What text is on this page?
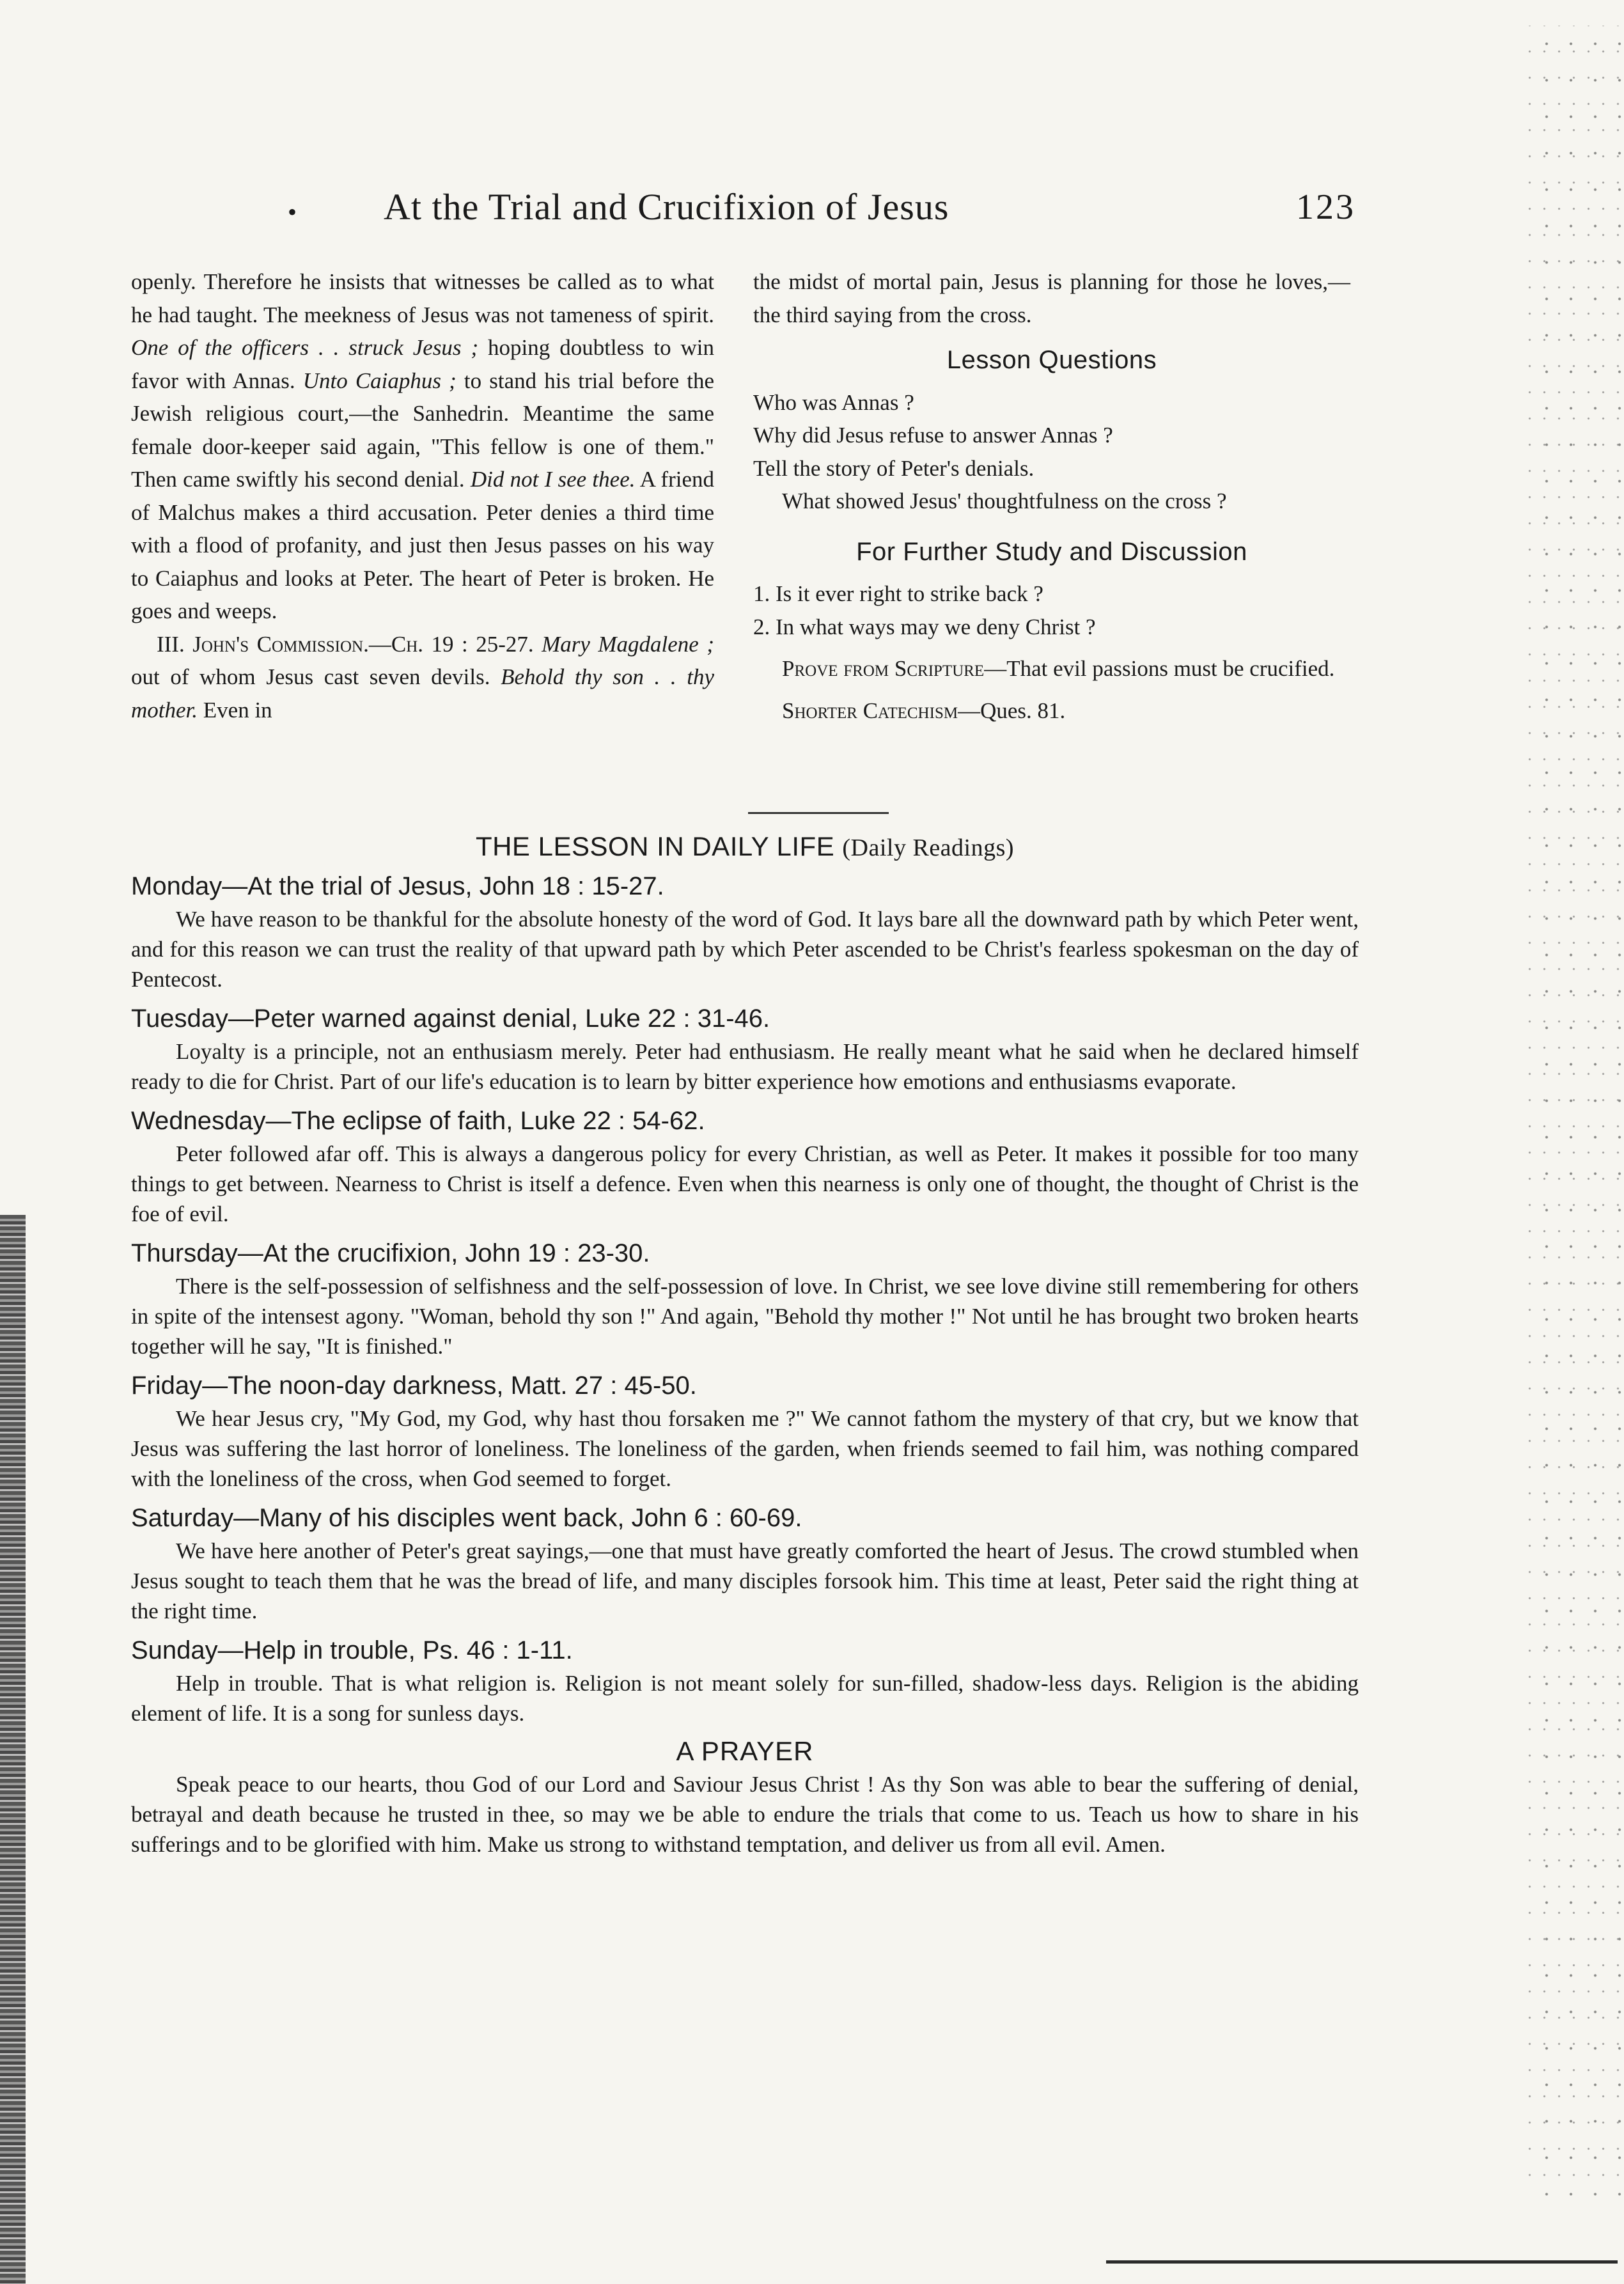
• At the Trial and Crucifixion of Jesus	123

openly. Therefore he insists that witnesses be called as to what he had taught. The meekness of Jesus was not tameness of spirit. One of the officers . . struck Jesus ; hoping doubtless to win favor with Annas. Unto Caiaphus ; to stand his trial before the Jewish religious court,—the Sanhedrin. Meantime the same female door-keeper said again, "This fellow is one of them." Then came swiftly his second denial. Did not I see thee. A friend of Malchus makes a third accusation. Peter denies a third time with a flood of profanity, and just then Jesus passes on his way to Caiaphus and looks at Peter. The heart of Peter is broken. He goes and weeps.

III. John's Commission.—Ch. 19 : 25-27. Mary Magdalene ; out of whom Jesus cast seven devils. Behold thy son . . thy mother. Even in

the midst of mortal pain, Jesus is planning for those he loves,—the third saying from the cross.

Lesson Questions

Who was Annas ?

Why did Jesus refuse to answer Annas ?

Tell the story of Peter's denials.

What showed Jesus' thoughtfulness on the cross ?

For Further Study and Discussion

1. Is it ever right to strike back ?

2. In what ways may we deny Christ ?

Prove from Scripture—That evil passions must be crucified.

Shorter Catechism—Ques. 81.

THE LESSON IN DAILY LIFE (Daily Readings)
Monday—At the trial of Jesus, John 18 : 15-27.

We have reason to be thankful for the absolute honesty of the word of God. It lays bare all the downward path by which Peter went, and for this reason we can trust the reality of that upward path by which Peter ascended to be Christ's fearless spokesman on the day of Pentecost.

Tuesday—Peter warned against denial, Luke 22 : 31-46.

Loyalty is a principle, not an enthusiasm merely. Peter had enthusiasm. He really meant what he said when he declared himself ready to die for Christ. Part of our life's education is to learn by bitter experience how emotions and enthusiasms evaporate.

Wednesday—The eclipse of faith, Luke 22 : 54-62.

Peter followed afar off. This is always a dangerous policy for every Christian, as well as Peter. It makes it possible for too many things to get between. Nearness to Christ is itself a defence. Even when this nearness is only one of thought, the thought of Christ is the foe of evil.

Thursday—At the crucifixion, John 19 : 23-30.

There is the self-possession of selfishness and the self-possession of love. In Christ, we see love divine still remembering for others in spite of the intensest agony. "Woman, behold thy son !" And again, "Behold thy mother !" Not until he has brought two broken hearts together will he say, "It is finished."

Friday—The noon-day darkness, Matt. 27 : 45-50.

We hear Jesus cry, "My God, my God, why hast thou forsaken me ?" We cannot fathom the mystery of that cry, but we know that Jesus was suffering the last horror of loneliness. The loneliness of the garden, when friends seemed to fail him, was nothing compared with the loneliness of the cross, when God seemed to forget.

Saturday—Many of his disciples went back, John 6 : 60-69.

We have here another of Peter's great sayings,—one that must have greatly comforted the heart of Jesus. The crowd stumbled when Jesus sought to teach them that he was the bread of life, and many disciples forsook him. This time at least, Peter said the right thing at the right time.

Sunday—Help in trouble, Ps. 46 : 1-11.

Help in trouble. That is what religion is. Religion is not meant solely for sun-filled, shadow-less days. Religion is the abiding element of life. It is a song for sunless days.

A PRAYER

Speak peace to our hearts, thou God of our Lord and Saviour Jesus Christ ! As thy Son was able to bear the suffering of denial, betrayal and death because he trusted in thee, so may we be able to endure the trials that come to us. Teach us how to share in his sufferings and to be glorified with him. Make us strong to withstand temptation, and deliver us from all evil. Amen.
